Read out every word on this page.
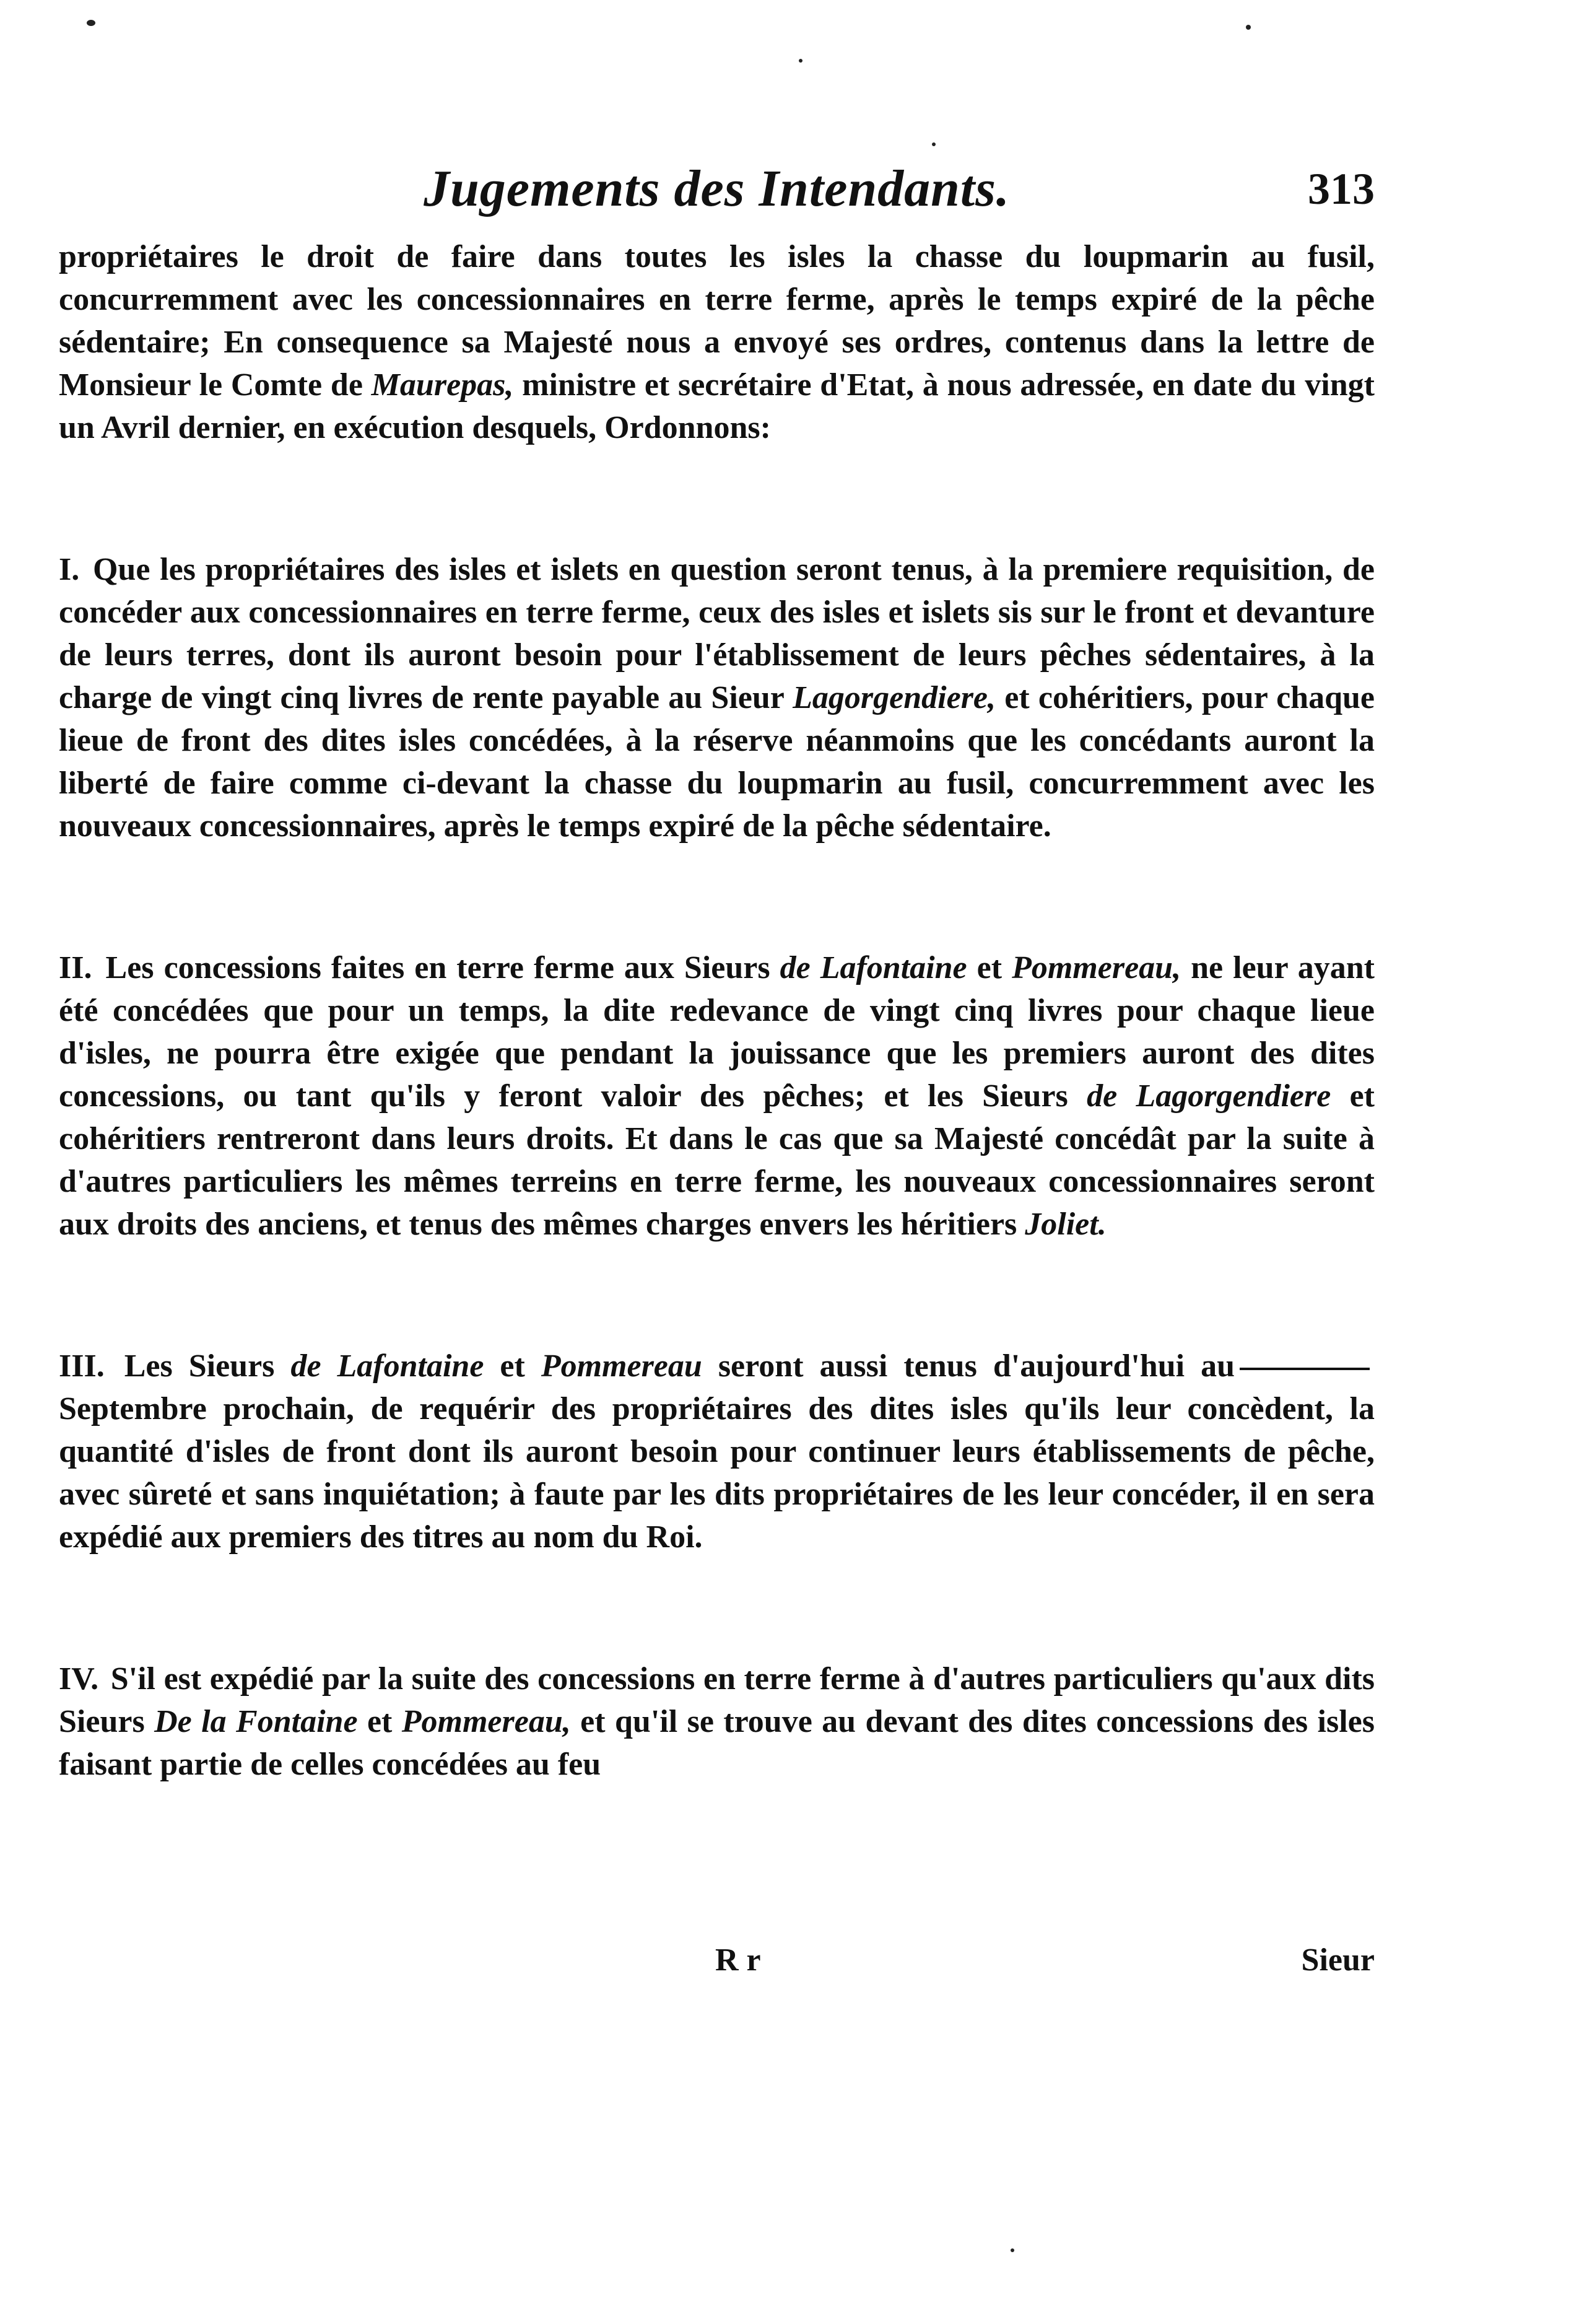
Jugements des Intendants.	313

propriétaires le droit de faire dans toutes les isles la chasse du loupmarin au fusil, concurremment avec les concessionnaires en terre ferme, après le temps expiré de la pêche sédentaire; En consequence sa Majesté nous a envoyé ses ordres, contenus dans la lettre de Monsieur le Comte de Maurepas, ministre et secrétaire d'Etat, à nous adressée, en date du vingt un Avril dernier, en exécution desquels, Ordonnons:

I. Que les propriétaires des isles et islets en question seront tenus, à la premiere requisition, de concéder aux concessionnaires en terre ferme, ceux des isles et islets sis sur le front et devanture de leurs terres, dont ils auront besoin pour l'établissement de leurs pêches sédentaires, à la charge de vingt cinq livres de rente payable au Sieur Lagorgendiere, et cohéritiers, pour chaque lieue de front des dites isles concédées, à la réserve néanmoins que les concédants auront la liberté de faire comme ci-devant la chasse du loupmarin au fusil, concurremment avec les nouveaux concessionnaires, après le temps expiré de la pêche sédentaire.

II. Les concessions faites en terre ferme aux Sieurs de Lafontaine et Pommereau, ne leur ayant été concédées que pour un temps, la dite redevance de vingt cinq livres pour chaque lieue d'isles, ne pourra être exigée que pendant la jouissance que les premiers auront des dites concessions, ou tant qu'ils y feront valoir des pêches; et les Sieurs de Lagorgendiere et cohéritiers rentreront dans leurs droits. Et dans le cas que sa Majesté concédât par la suite à d'autres particuliers les mêmes terreins en terre ferme, les nouveaux concessionnaires seront aux droits des anciens, et tenus des mêmes charges envers les héritiers Joliet.

III. Les Sieurs de Lafontaine et Pommereau seront aussi tenus d'aujourd'hui auSeptembre prochain, de requérir des propriétaires des dites isles qu'ils leur concèdent, la quantité d'isles de front dont ils auront besoin pour continuer leurs établissements de pêche, avec sûreté et sans inquiétation; à faute par les dits propriétaires de les leur concéder, il en sera expédié aux premiers des titres au nom du Roi.

IV. S'il est expédié par la suite des concessions en terre ferme à d'autres particuliers qu'aux dits Sieurs De la Fontaine et Pommereau, et qu'il se trouve au devant des dites concessions des isles faisant partie de celles concédées au feu

R r	Sieur
